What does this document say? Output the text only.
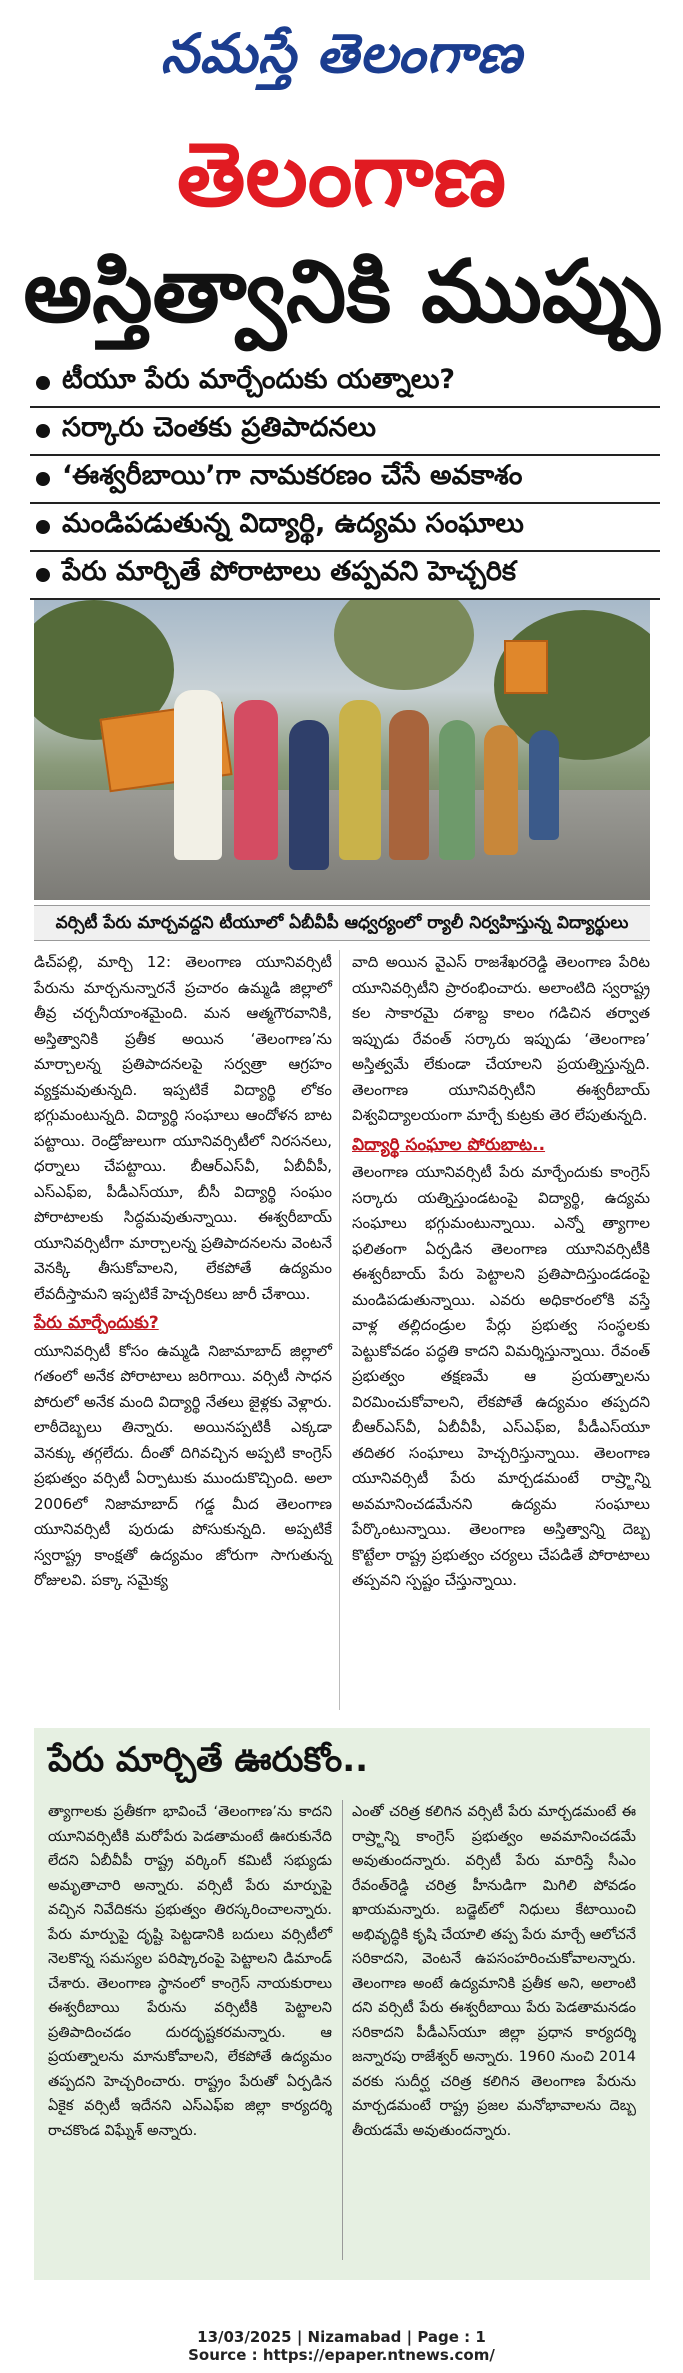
నమస్తే తెలంగాణ
తెలంగాణ
అస్తిత్వానికి ముప్పు
టీయూ పేరు మార్చేందుకు యత్నాలు?
సర్కారు చెంతకు ప్రతిపాదనలు
‘ఈశ్వరీబాయి’గా నామకరణం చేసే అవకాశం
మండిపడుతున్న విద్యార్థి, ఉద్యమ సంఘాలు
పేరు మార్చితే పోరాటాలు తప్పవని హెచ్చరిక
వర్సిటీ పేరు మార్చవద్దని టీయూలో ఏబీవీపీ ఆధ్వర్యంలో ర్యాలీ నిర్వహిస్తున్న విద్యార్థులు

డిచ్‌పల్లి, మార్చి 12: తెలంగాణ యూనివర్సిటీ పేరును మార్చనున్నారనే ప్రచారం ఉమ్మడి జిల్లాలో తీవ్ర చర్చనీయాంశమైంది. మన ఆత్మగౌరవానికి, అస్తిత్వానికి ప్రతీక అయిన ‘తెలంగాణ’ను మార్చాలన్న ప్రతిపాదనలపై సర్వత్రా ఆగ్రహం వ్యక్తమవుతున్నది. ఇప్పటికే విద్యార్థి లోకం భగ్గుమంటున్నది. విద్యార్థి సంఘాలు ఆందోళన బాట పట్టాయి. రెండ్రోజులుగా యూనివర్సిటీలో నిరసనలు, ధర్నాలు చేపట్టాయి. బీఆర్‌ఎస్‌వీ, ఏబీవీపీ, ఎస్‌ఎఫ్‌ఐ, పీడీఎస్‌యూ, బీసీ విద్యార్థి సంఘం పోరాటాలకు సిద్ధమవుతున్నాయి. ఈశ్వరీబాయ్ యూనివర్సిటీగా మార్చాలన్న ప్రతిపాదనలను వెంటనే వెనక్కి తీసుకోవాలని, లేకపోతే ఉద్యమం లేవదీస్తామని ఇప్పటికే హెచ్చరికలు జారీ చేశాయి.

పేరు మార్చేందుకు?

యూనివర్సిటీ కోసం ఉమ్మడి నిజామాబాద్ జిల్లాలో గతంలో అనేక పోరాటాలు జరిగాయి. వర్సిటీ సాధన పోరులో అనేక మంది విద్యార్థి నేతలు జైళ్లకు వెళ్లారు. లాఠీదెబ్బలు తిన్నారు. అయినప్పటికీ ఎక్కడా వెనక్కు తగ్గలేదు. దీంతో దిగివచ్చిన అప్పటి కాంగ్రెస్ ప్రభుత్వం వర్సిటీ ఏర్పాటుకు ముందుకొచ్చింది. అలా 2006లో నిజామాబాద్ గడ్డ మీద తెలంగాణ యూనివర్సిటీ పురుడు పోసుకున్నది. అప్పటికే స్వరాష్ట్ర కాంక్షతో ఉద్యమం జోరుగా సాగుతున్న రోజులవి. పక్కా సమైక్య

వాది అయిన వైఎస్ రాజశేఖరరెడ్డి తెలంగాణ పేరిట యూనివర్సిటీని ప్రారంభించారు. అలాంటిది స్వరాష్ట్ర కల సాకారమై దశాబ్ద కాలం గడిచిన తర్వాత ఇప్పుడు రేవంత్ సర్కారు ఇప్పుడు ‘తెలంగాణ’ అస్తిత్వమే లేకుండా చేయాలని ప్రయత్నిస్తున్నది. తెలంగాణ యూనివర్సిటీని ఈశ్వరీబాయ్ విశ్వవిద్యాలయంగా మార్చే కుట్రకు తెర లేపుతున్నది.

విద్యార్థి సంఘాల పోరుబాట..

తెలంగాణ యూనివర్సిటీ పేరు మార్చేందుకు కాంగ్రెస్ సర్కారు యత్నిస్తుండటంపై విద్యార్థి, ఉద్యమ సంఘాలు భగ్గుమంటున్నాయి. ఎన్నో త్యాగాల ఫలితంగా ఏర్పడిన తెలంగాణ యూనివర్సిటీకి ఈశ్వరీబాయ్ పేరు పెట్టాలని ప్రతిపాదిస్తుండడంపై మండిపడుతున్నాయి. ఎవరు అధికారంలోకి వస్తే వాళ్ల తల్లిదండ్రుల పేర్లు ప్రభుత్వ సంస్థలకు పెట్టుకోవడం పద్ధతి కాదని విమర్శిస్తున్నాయి. రేవంత్ ప్రభుత్వం తక్షణమే ఆ ప్రయత్నాలను విరమించుకోవాలని, లేకపోతే ఉద్యమం తప్పదని బీఆర్‌ఎస్‌వీ, ఏబీవీపీ, ఎస్‌ఎఫ్‌ఐ, పీడీఎస్‌యూ తదితర సంఘాలు హెచ్చరిస్తున్నాయి. తెలంగాణ యూనివర్సిటీ పేరు మార్చడమంటే రాష్ర్టాన్ని అవమానించడమేనని ఉద్యమ సంఘాలు పేర్కొంటున్నాయి. తెలంగాణ అస్తిత్వాన్ని దెబ్బ కొట్టేలా రాష్ట్ర ప్రభుత్వం చర్యలు చేపడితే పోరాటాలు తప్పవని స్పష్టం చేస్తున్నాయి.

పేరు మార్చితే ఊరుకోం..
త్యాగాలకు ప్రతీకగా భావించే ‘తెలంగాణ’ను కాదని యూనివర్సిటీకి మరోపేరు పెడతామంటే ఊరుకునేది లేదని ఏబీవీపీ రాష్ట్ర వర్కింగ్ కమిటీ సభ్యుడు అమృతాచారి అన్నారు. వర్సిటీ పేరు మార్పుపై వచ్చిన నివేదికను ప్రభుత్వం తిరస్కరించాలన్నారు. పేరు మార్పుపై దృష్టి పెట్టడానికి బదులు వర్సిటీలో నెలకొన్న సమస్యల పరిష్కారంపై పెట్టాలని డిమాండ్ చేశారు. తెలంగాణ స్థానంలో కాంగ్రెస్ నాయకురాలు ఈశ్వరీబాయి పేరును వర్సిటీకి పెట్టాలని ప్రతిపాదించడం దురదృష్టకరమన్నారు. ఆ ప్రయత్నాలను మానుకోవాలని, లేకపోతే ఉద్యమం తప్పదని హెచ్చరించారు. రాష్ట్రం పేరుతో ఏర్పడిన ఏకైక వర్సిటీ ఇదేనని ఎస్‌ఎఫ్‌ఐ జిల్లా కార్యదర్శి రాచకొండ విఘ్నేశ్ అన్నారు.
ఎంతో చరిత్ర కలిగిన వర్సిటీ పేరు మార్చడమంటే ఈ రాష్ర్టాన్ని కాంగ్రెస్ ప్రభుత్వం అవమానించడమే అవుతుందన్నారు. వర్సిటీ పేరు మారిస్తే సీఎం రేవంత్‌రెడ్డి చరిత్ర హీనుడిగా మిగిలి పోవడం ఖాయమన్నారు. బడ్జెట్‌లో నిధులు కేటాయించి అభివృద్ధికి కృషి చేయాలి తప్ప పేరు మార్చే ఆలోచనే సరికాదని, వెంటనే ఉపసంహరించుకోవాలన్నారు. తెలంగాణ అంటే ఉద్యమానికి ప్రతీక అని, అలాంటి దని వర్సిటీ పేరు ఈశ్వరీబాయి పేరు పెడతామనడం సరికాదని పీడీఎస్‌యూ జిల్లా ప్రధాన కార్యదర్శి జన్నారపు రాజేశ్వర్ అన్నారు. 1960 నుంచి 2014 వరకు సుదీర్ఘ చరిత్ర కలిగిన తెలంగాణ పేరును మార్చడమంటే రాష్ట్ర ప్రజల మనోభావాలను దెబ్బ తీయడమే అవుతుందన్నారు.
13/03/2025 | Nizamabad | Page : 1
Source : https://epaper.ntnews.com/
